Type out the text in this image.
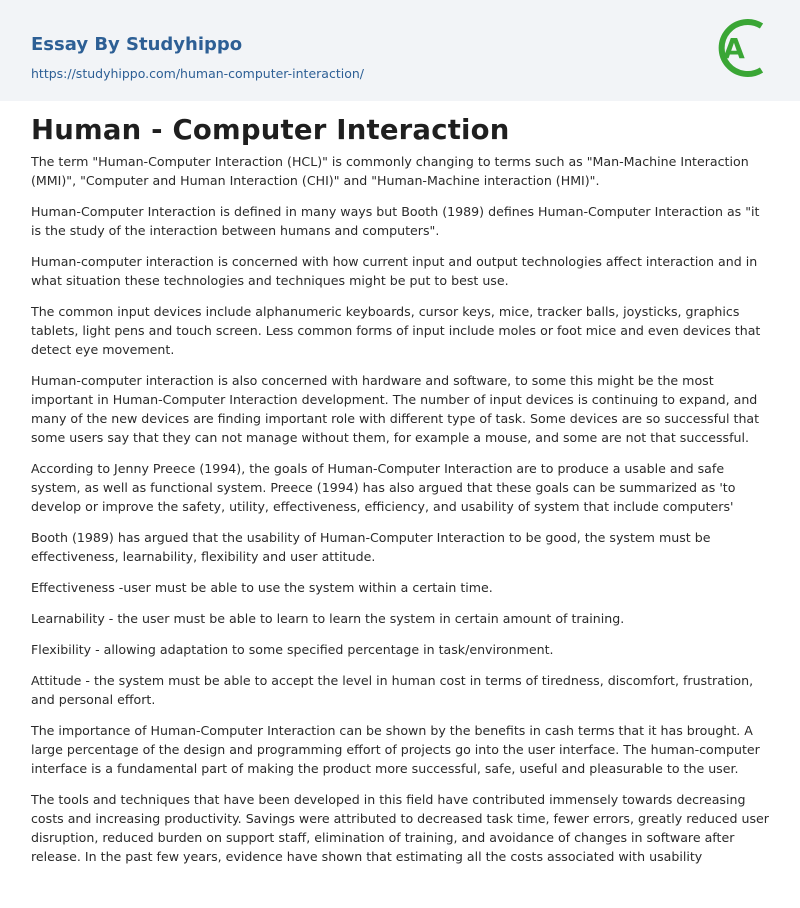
Essay By Studyhippo
https://studyhippo.com/human-computer-interaction/
A
Human - Computer Interaction

The term "Human-Computer Interaction (HCL)" is commonly changing to terms such as "Man-Machine Interaction (MMI)", "Computer and Human Interaction (CHI)" and "Human-Machine interaction (HMI)".

Human-Computer Interaction is defined in many ways but Booth (1989) defines Human-Computer Interaction as "it is the study of the interaction between humans and computers".

Human-computer interaction is concerned with how current input and output technologies affect interaction and in what situation these technologies and techniques might be put to best use.

The common input devices include alphanumeric keyboards, cursor keys, mice, tracker balls, joysticks, graphics tablets, light pens and touch screen. Less common forms of input include moles or foot mice and even devices that detect eye movement.

Human-computer interaction is also concerned with hardware and software, to some this might be the most important in Human-Computer Interaction development. The number of input devices is continuing to expand, and many of the new devices are finding important role with different type of task. Some devices are so successful that some users say that they can not manage without them, for example a mouse, and some are not that successful.

According to Jenny Preece (1994), the goals of Human-Computer Interaction are to produce a usable and safe system, as well as functional system. Preece (1994) has also argued that these goals can be summarized as 'to develop or improve the safety, utility, effectiveness, efficiency, and usability of system that include computers'

Booth (1989) has argued that the usability of Human-Computer Interaction to be good, the system must be effectiveness, learnability, flexibility and user attitude.

Effectiveness -user must be able to use the system within a certain time.

Learnability - the user must be able to learn to learn the system in certain amount of training.

Flexibility - allowing adaptation to some specified percentage in task/environment.

Attitude - the system must be able to accept the level in human cost in terms of tiredness, discomfort, frustration, and personal effort.

The importance of Human-Computer Interaction can be shown by the benefits in cash terms that it has brought. A large percentage of the design and programming effort of projects go into the user interface. The human-computer interface is a fundamental part of making the product more successful, safe, useful and pleasurable to the user.

The tools and techniques that have been developed in this field have contributed immensely towards decreasing costs and increasing productivity. Savings were attributed to decreased task time, fewer errors, greatly reduced user disruption, reduced burden on support staff, elimination of training, and avoidance of changes in software after release. In the past few years, evidence have shown that estimating all the costs associated with usability
